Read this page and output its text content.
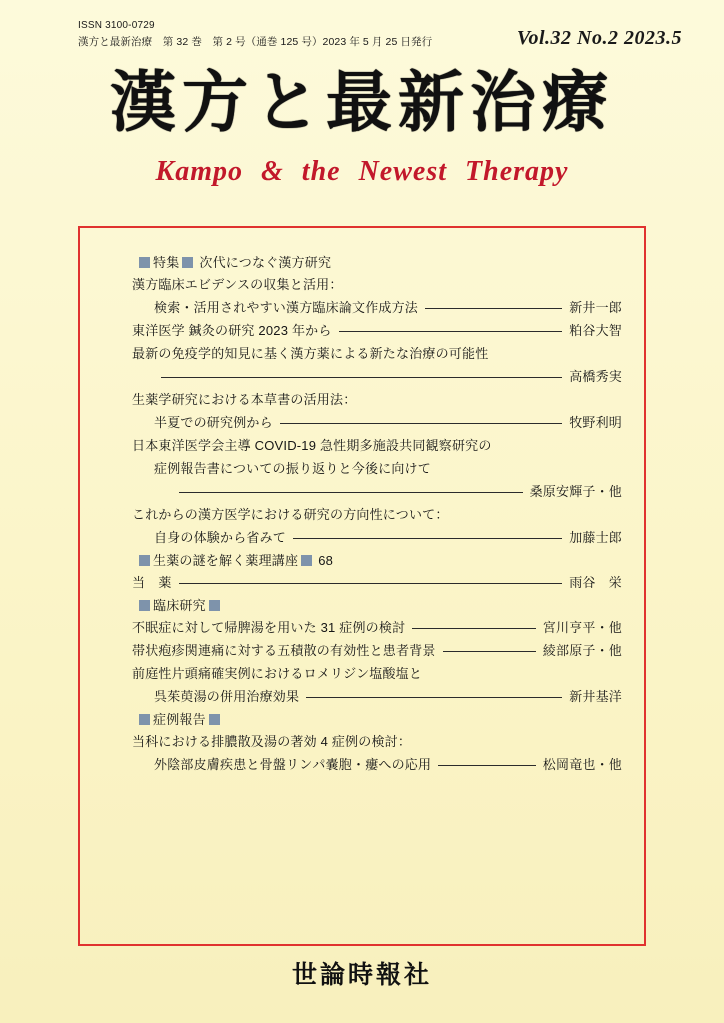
ISSN 3100-0729
漢方と最新治療　第 32 巻　第 2 号（通巻 125 号）2023 年 5 月 25 日発行	Vol.32 No.2 2023.5
漢方と最新治療
Kampo & the Newest Therapy
特集 次代につなぐ漢方研究
漢方臨床エビデンスの収集と活用：
検索・活用されやすい漢方臨床論文作成方法	新井一郎
東洋医学 鍼灸の研究 2023 年から	粕谷大智
最新の免疫学的知見に基く漢方薬による新たな治療の可能性
高橋秀実
生薬学研究における本草書の活用法：
半夏での研究例から	牧野利明
日本東洋医学会主導 COVID-19 急性期多施設共同観察研究の
症例報告書についての振り返りと今後に向けて
桑原安輝子・他
これからの漢方医学における研究の方向性について：
自身の体験から省みて	加藤士郎
生薬の謎を解く薬理講座 68
当　薬	雨谷　栄
臨床研究
不眠症に対して帰脾湯を用いた 31 症例の検討	宮川亨平・他
帯状疱疹関連痛に対する五積散の有効性と患者背景	綾部原子・他
前庭性片頭痛確実例におけるロメリジン塩酸塩と
呉茱萸湯の併用治療効果	新井基洋
症例報告
当科における排膿散及湯の著効 4 症例の検討：
外陰部皮膚疾患と骨盤リンパ嚢胞・瘻への応用	松岡竜也・他
世論時報社
